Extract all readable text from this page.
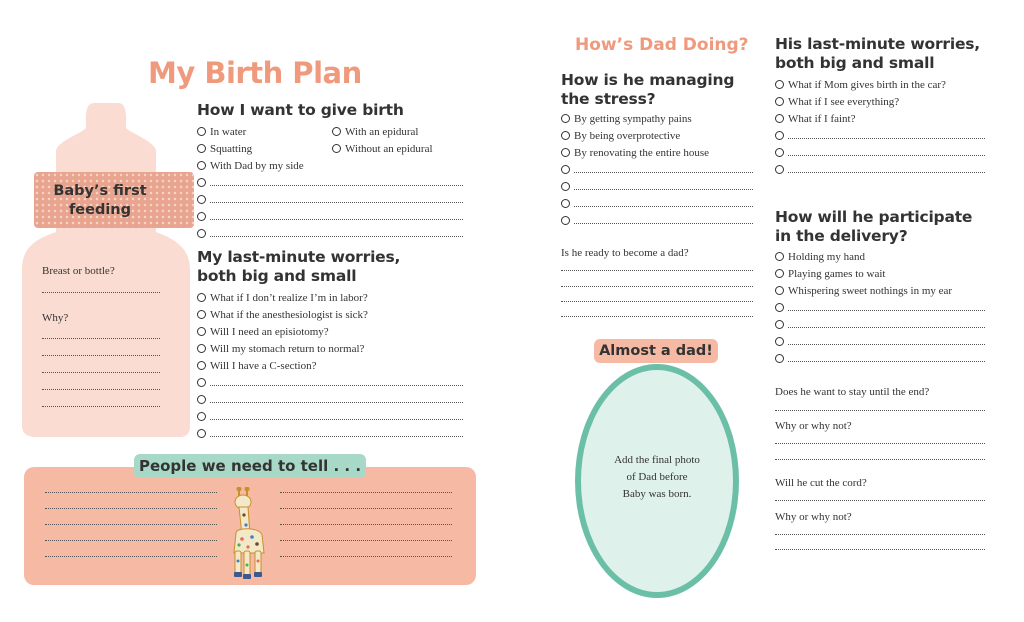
My Birth Plan
Baby’s first feeding
Breast or bottle?
Why?
How I want to give birth
In water
Squatting
With Dad by my side
With an epidural
Without an epidural
My last-minute worries,
both big and small
What if I don’t realize I’m in labor?
What if the anesthesiologist is sick?
Will I need an episiotomy?
Will my stomach return to normal?
Will I have a C-section?
People we need to tell . . .
How’s Dad Doing?
How is he managing
the stress?
By getting sympathy pains
By being overprotective
By renovating the entire house
Is he ready to become a dad?
Almost a dad!
Add the final photo
of Dad before
Baby was born.
His last-minute worries,
both big and small
What if Mom gives birth in the car?
What if I see everything?
What if I faint?
How will he participate
in the delivery?
Holding my hand
Playing games to wait
Whispering sweet nothings in my ear
Does he want to stay until the end?
Why or why not?
Will he cut the cord?
Why or why not?
